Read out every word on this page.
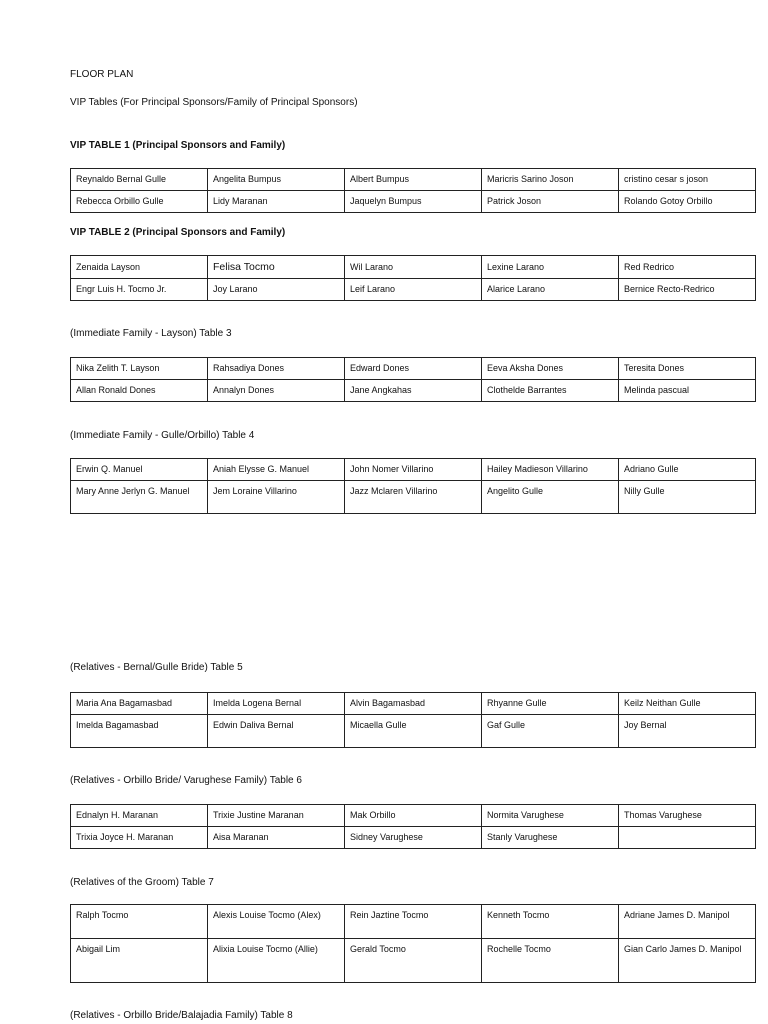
FLOOR PLAN
VIP Tables (For Principal Sponsors/Family of Principal Sponsors)
VIP TABLE 1 (Principal Sponsors and Family)
Reynaldo Bernal Gulle	Angelita Bumpus	Albert Bumpus	Maricris Sarino Joson	cristino cesar s joson
Rebecca Orbillo Gulle	Lidy Maranan	Jaquelyn Bumpus	Patrick Joson	Rolando Gotoy Orbillo
VIP TABLE 2 (Principal Sponsors and Family)
Zenaida Layson	Felisa Tocmo	Wil Larano	Lexine Larano	Red Redrico
Engr Luis H. Tocmo Jr.	Joy Larano	Leif Larano	Alarice Larano	Bernice Recto-Redrico
(Immediate Family - Layson) Table 3
Nika Zelith T. Layson	Rahsadiya Dones	Edward Dones	Eeva Aksha Dones	Teresita Dones
Allan Ronald Dones	Annalyn Dones	Jane Angkahas	Clothelde Barrantes	Melinda pascual
(Immediate Family - Gulle/Orbillo) Table 4
Erwin Q. Manuel	Aniah Elysse G. Manuel	John Nomer Villarino	Hailey Madieson Villarino	Adriano Gulle
Mary Anne Jerlyn G. Manuel	Jem Loraine Villarino	Jazz Mclaren Villarino	Angelito Gulle	Nilly Gulle
(Relatives - Bernal/Gulle Bride) Table 5
Maria Ana Bagamasbad	Imelda Logena Bernal	Alvin Bagamasbad	Rhyanne Gulle	Keilz Neithan Gulle
Imelda Bagamasbad	Edwin Daliva Bernal	Micaella Gulle	Gaf Gulle	Joy Bernal
(Relatives - Orbillo Bride/ Varughese Family) Table 6
Ednalyn H. Maranan	Trixie Justine Maranan	Mak Orbillo	Normita Varughese	Thomas Varughese
Trixia Joyce H. Maranan	Aisa Maranan	Sidney Varughese	Stanly Varughese	
(Relatives of the Groom) Table 7
Ralph Tocmo	Alexis Louise Tocmo (Alex)	Rein Jaztine Tocmo	Kenneth Tocmo	Adriane James D. Manipol
Abigail Lim	Alixia Louise Tocmo (Allie)	Gerald Tocmo	Rochelle Tocmo	Gian Carlo James D. Manipol
(Relatives - Orbillo Bride/Balajadia Family) Table 8
